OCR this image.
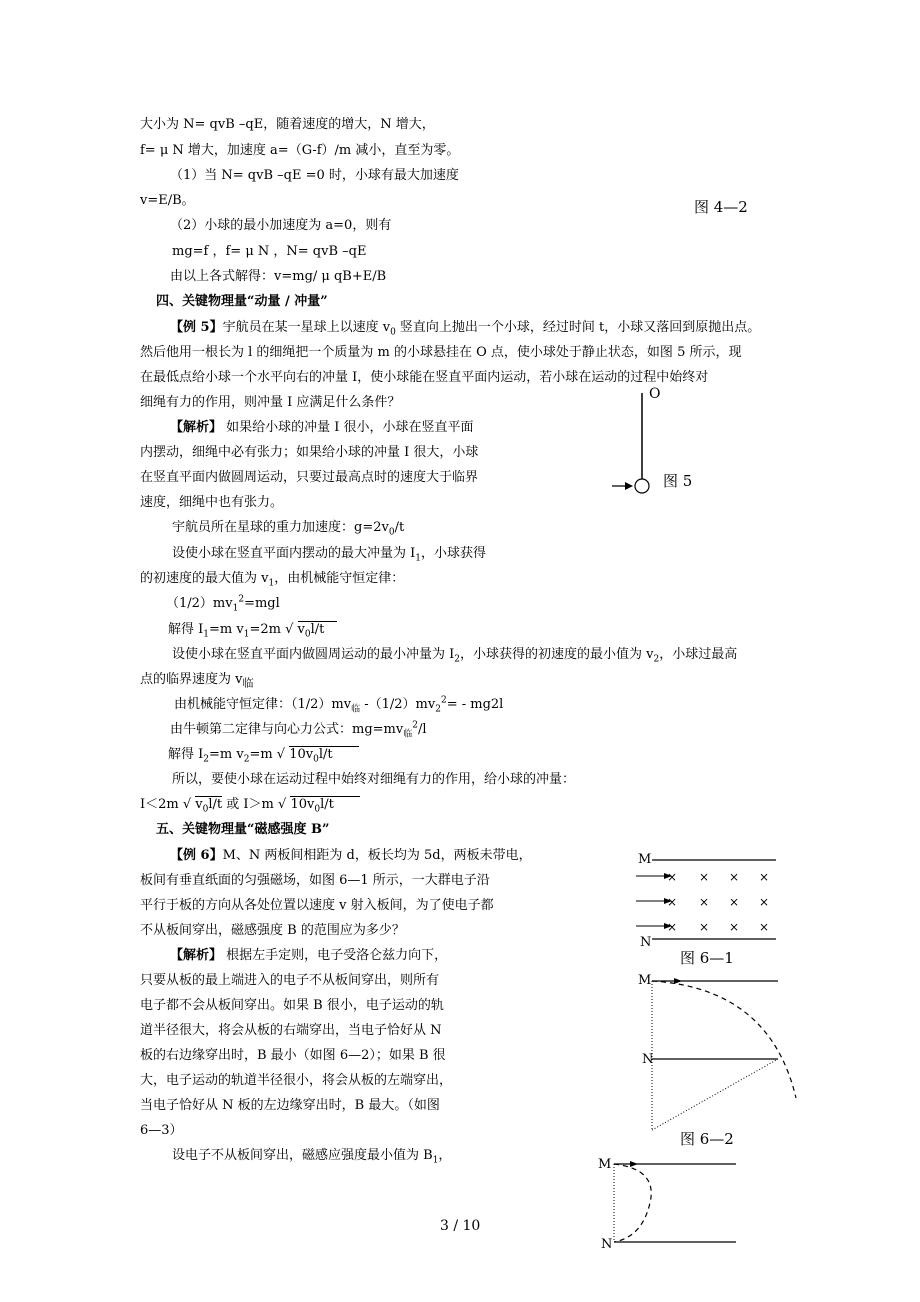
大小为 N= qvB –qE，随着速度的增大，N 增大，
f= μ N 增大，加速度 a=（G-f）/m 减小，直至为零。
（1）当 N= qvB –qE =0 时，小球有最大加速度
v=E/B。	图 4—2
（2）小球的最小加速度为 a=0，则有
mg=f ，f= μ N ，N= qvB –qE
由以上各式解得：v=mg/ μ qB+E/B
四、关键物理量“动量 / 冲量”
【例 5】宇航员在某一星球上以速度 $v_0$ 竖直向上抛出一个小球，经过时间 t，小球又落回到原抛出点。
然后他用一根长为 l 的细绳把一个质量为 m 的小球悬挂在 O 点，使小球处于静止状态，如图 5 所示，现
在最低点给小球一个水平向右的冲量 I，使小球能在竖直平面内运动，若小球在运动的过程中始终对
细绳有力的作用，则冲量 I 应满足什么条件？
【解析】 如果给小球的冲量 I 很小，小球在竖直平面
内摆动，细绳中必有张力；如果给小球的冲量 I 很大，小球
在竖直平面内做圆周运动，只要过最高点时的速度大于临界
速度，细绳中也有张力。
O
图 5
宇航员所在星球的重力加速度：$g=2v_0/t$
设使小球在竖直平面内摆动的最大冲量为 $I_1$，小球获得
的初速度的最大值为 $v_1$，由机械能守恒定律：
$(1/2)mv_1^2=mgl$
解得 $I_1=m$ $v_1=2m$ √ $v_0l/t$ 
设使小球在竖直平面内做圆周运动的最小冲量为 $I_2$，小球获得的初速度的最小值为 $v_2$，小球过最高
点的临界速度为 $v_临$
由机械能守恒定律：$(1/2)mv_临$ $-(1/2)mv_2^2= - mg2l$
由牛顿第二定律与向心力公式：$mg=mv_临^2/l$
解得 $I_2=m$ $v_2=m$ √ $10v_0l/t$  
所以，要使小球在运动过程中始终对细绳有力的作用，给小球的冲量：
I＜2m √ $v_0l/t$ 或 I＞m √ $10v_0l/t$  
五、关键物理量“磁感强度 B”
【例 6】M、N 两板间相距为 d，板长均为 5d，两板未带电，
板间有垂直纸面的匀强磁场，如图 6—1 所示，一大群电子沿
平行于板的方向从各处位置以速度 v 射入板间，为了使电子都
不从板间穿出，磁感强度 B 的范围应为多少？
【解析】 根据左手定则，电子受洛仑兹力向下，
只要从板的最上端进入的电子不从板间穿出，则所有
电子都不会从板间穿出。如果 B 很小，电子运动的轨
道半径很大，将会从板的右端穿出，当电子恰好从 N
板的右边缘穿出时，B 最小（如图 6—2）；如果 B 很
大，电子运动的轨道半径很小，将会从板的左端穿出，
当电子恰好从 N 板的左边缘穿出时，B 最大。（如图
6—3）
设电子不从板间穿出，磁感应强度最小值为 $B_1$，
× × × ×
× × × ×
× × × ×
M
N
图 6—1
M
N
图 6—2
M
N
3 / 10
